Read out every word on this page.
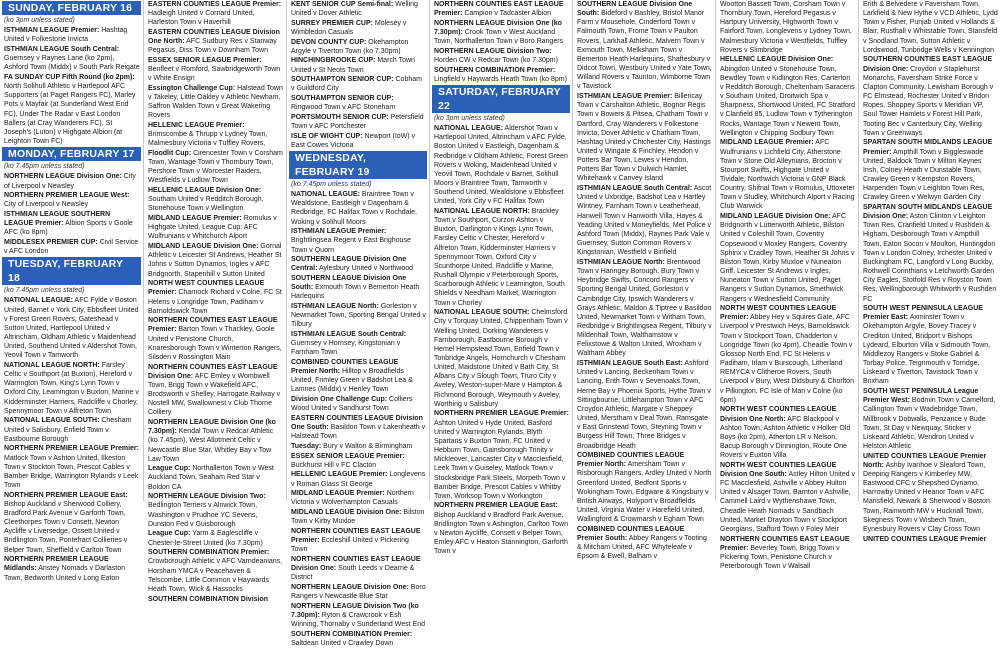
SUNDAY, FEBRUARY 16
(ko 3pm unless stated)
ISTHMIAN LEAGUE Premier: Hashtag United v Folkestone Invicta
ISTHMIAN LEAGUE South Central: Guernsey v Raynes Lane (ko 2pm), Ashford Town (Middx) v South Park Reigate
FA SUNDAY CUP Fifth Round (ko 2pm): North Solihull Athletic v Hartlepool AFC Supporters (at Paget Rangers FC), Marley Pots v Mayfair (at Sunderland West End FC), Under The Radar v East London Ballers (at Cray Wanderers FC), St Joseph's (Luton) v Highgate Albion (at Leighton Town FC)
MONDAY, FEBRUARY 17
(ko 7.45pm unless stated)
NORTHERN LEAGUE Division One: City of Liverpool v Newsley
NORTHERN PREMIER LEAGUE West: City of Liverpool v Newsley
ISTHMIAN LEAGUE SOUTHERN LEAGUE Premier: Albion Sports v Goole AFC (ko 8pm)
MIDDLESEX PREMIER CUP: Civil Service v AFC London
TUESDAY, FEBRUARY 18
(ko 7.45pm unless stated)
NATIONAL LEAGUE: AFC Fylde v Boston United, Barnet v York City, Ebbsfleet United v Forest Green Rovers, Gateshead v Sutton United, Hartlepool United v Altrincham, Oldham Athletic v Maidenhead United, Southend United v Aldershot Town, Yeovil Town v Tamworth
NATIONAL LEAGUE NORTH: Farsley Celtic v Southport (at Buxton), Hereford v Warrington Town, King's Lynn Town v Oxford City, Leamington v Buxton, Marine v Kidderminster Harriers, Radcliffe v Chorley, Spennymoor Town v Alfreton Town
NATIONAL LEAGUE SOUTH: Chesham United v Salisbury, Enfield Town v Eastbourne Borough
NORTHERN PREMIER LEAGUE Premier: Matlock Town v Ashton United, Ilkeston Town v Stockton Town, Prescot Cables v Bamber Bridge, Warrington Rylands v Leek Town
NORTHERN PREMIER LEAGUE East: Bishop Auckland v Sherwood Colliery, Bradford Park Avenue v Garforth Town, Cleethorpes Town v Consett, Newton Aycliffe v Liversedge, Ossett United v Bridlington Town, Pontefract Collieries v Belper Town, Sheffield v Carlton Town
NORTHERN PREMIER LEAGUE Midlands: Anstey Nomads v Darlaston Town, Bedworth United v Long Eaton
EASTERN COUNTIES LEAGUE Premier: Hadleigh United v Cornard United, Harleston Town v Haverhill
EASTERN COUNTIES LEAGUE Division One North: AFC Sudbury Res v Stanway Pegasus, Diss Town v Downham Town
ESSEX SENIOR LEAGUE Premier: Benfleet v Romford, Sawbridgeworth Town v White Ensign
Essington Challenge Cup: Halstead Town v Takeley, Little Oakley v Athletic Newham, Saffron Walden Town v Great Wakering Rovers
HELLENIC LEAGUE Premier: Brimscombe & Thrupp v Lydney Town, Malmesbury Victoria v Tuffley Rovers,
Floodlit Cup: Cirencester Town v Corsham Town, Wantage Town v Thornbury Town, Pershore Town v Worcester Raiders, Westfields v Ludlow Town
HELLENIC LEAGUE Division One: Southam United v Redditch Borough, Stonehouse Town v Wellington
MIDLAND LEAGUE Premier: Romulus v Highgate United, League Cup: AFC Wulfrunians v Whitchurch Alport
MIDLAND LEAGUE Division One: Gornal Athletic v Leicester St Andrews, Heather St Johns v Sutton Dynamos, Ingles v AFC Bridgnorth, Stapenhill v Sutton United
NORTH WEST COUNTIES LEAGUE Premier: Charnock Richard v Colne, FC St Helens v Longridge Town, Padiham v Barnoldswick Town
NORTHERN COUNTIES EAST LEAGUE Premier: Barton Town v Thackley, Goole United v Penistone Church, Knaresborough Town v Winterton Rangers, Silsden v Rossington Main
NORTHERN COUNTIES EAST LEAGUE Division One: AFC Emley v Wombwell Town, Brigg Town v Wakefield AFC, Brodsworth v Shelley, Harrogate Railway v Nostell MW, Swallownest v Club Thorne Colliery
NORTHERN LEAGUE Division One (ko 7.30pm): Kendal Town v Redcar Athletic (ko 7.45pm), West Allotment Celtic v Newcastle Blue Star, Whitley Bay v Tow Law Town
League Cup: Northallerton Town v West Auckland Town, Seaham Red Star v Boldon CA
NORTHERN LEAGUE Division Two: Bedlington Terriers v Alnwick Town, Washington v Prudhoe YC Sevens, Dunston Fed v Guisborough
League Cup: Yarm & Eaglescliffe v Chester-le-Street United (ko 7.30pm)
SOUTHERN COMBINATION Premier: Crowborough Athletic v AFC Varndeanians, Horsham YMCA v Peacehaven & Telscombe, Little Common v Haywards Heath Town, Wick & Hassocks
SOUTHERN COMBINATION Division
KENT SENIOR CUP Semi-final: Welling United v Dover Athletic
SURREY PREMIER CUP: Molesey v Wimbledon Casuals
DEVON COUNTY CUP: Okehampton Argyle v Tiverton Town (ko 7.30pm)
HINCHINGBROOKE CUP: March Town United v St Neots Town
SOUTHAMPTON SENIOR CUP: Cobham v Guildford City
SOUTHAMPTON SENIOR CUP: Ringwood Town v AFC Stoneham
PORTSMOUTH SENIOR CUP: Petersfield Town v AFC Portchester
ISLE OF WIGHT CUP: Newport (IoW) v East Cowes Victoria
WEDNESDAY, FEBRUARY 19
(ko 7.45pm unless stated)
NATIONAL LEAGUE: Braintree Town v Wealdstone, Eastleigh v Dagenham & Redbridge, FC Halifax Town v Rochdale, Woking v Solihull Moors
ISTHMIAN LEAGUE Premier: Brightlingsea Regent v East Brighouse Town v Quorn
SOUTHERN LEAGUE Division One Central: Aylesbury United v Northwood
SOUTHERN LEAGUE Division One South: Exmouth Town v Bemerton Heath Harlequins
ISTHMIAN LEAGUE North: Gorleston v Newmarket Town, Sporting Bengal United v Tilbury
ISTHMIAN LEAGUE South Central: Guernsey v Hornsey, Kingstonian v Farnham Town
COMBINED COUNTIES LEAGUE Premier North: Hilltop v Broadfields United, Frimley Green v Badshot Lea & Lamnes (Middx) v Henley Town
Division One Challenge Cup: Colliers Wood United v Sandhurst Town
EASTERN COUNTIES LEAGUE Division One South: Basildon Town v Lakenheath v Halstead Town
Tuesday: Bury v Walton & Birmingham
ESSEX SENIOR LEAGUE Premier: Buckhurst Hill v FC Clacton
HELLENIC LEAGUE Premier: Longlevens v Roman Glass St George
MIDLAND LEAGUE Premier: Northern Victoria v Wolverhampton Casuals
MIDLAND LEAGUE Division One: Bilston Town v Kirby Muxloe
NORTHERN COUNTIES EAST LEAGUE Premier: Eccleshill United v Pickering Town
NORTHERN COUNTIES EAST LEAGUE Division One: South Leeds v Dearne & District
NORTHERN LEAGUE Division One: Boro Rangers v Newcastle Blue Star
NORTHERN LEAGUE Division Two (ko 7.30pm): Ryton & Crawcrook v Esh Winning, Thornaby v Sunderland West End
SOUTHERN COMBINATION Premier: Saltdean United v Crawley Down
NORTHERN COUNTIES EAST LEAGUE Premier: Campion v Tadcaster Albion
NORTHERN LEAGUE Division One (ko 7.30pm): Crook Town v West Auckland Town, Northallerton Town v Boro Rangers
NORTHERN LEAGUE Division Two: Horden CW v Redcar Town (ko 7.30pm)
SOUTHERN COMBINATION Premier: Lingfield v Haywards Heath Town (ko 8pm)
SATURDAY, FEBRUARY 22
(ko 3pm unless stated)
NATIONAL LEAGUE: Aldershot Town v Hartlepool United, Altrincham v AFC Fylde, Boston United v Eastleigh, Dagenham & Redbridge v Oldham Athletic, Forest Green Rovers v Woking, Maidenhead United v Yeovil Town, Rochdale v Barnet, Solihull Moors v Braintree Town, Tamworth v Southend United, Wealdstone v Ebbsfleet United, York City v FC Halifax Town
NATIONAL LEAGUE NORTH: Brackley Town v Southport, Curzon Ashton v Buxton, Darlington v Kings Lynn Town, Farsley Celtic v Chester, Hereford v Alfreton Town, Kidderminster Harriers v Spennymoor Town, Oxford City v Scunthorpe United, Radcliffe v Marine, Rushall Olympic v Peterborough Sports, Scarborough Athletic v Leamington, South Shields v Needham Market, Warrington Town v Chorley
NATIONAL LEAGUE SOUTH: Chelmsford City v Torquay United, Chippenham Town v Welling United, Dorking Wanderers v Farnborough, Eastbourne Borough v Hemel Hempstead Town, Enfield Town v Tonbridge Angels, Hornchurch v Chesham United, Maidstone United v Bath City, St Albans City v Slough Town, Truro City v Aveley, Weston-super-Mare v Hampton & Richmond Borough, Weymouth v Aveley, Worthing v Salisbury
NORTHERN PREMIER LEAGUE Premier: Ashton United v Hyde United, Basford United v Warrington Rylands, Blyth Spartans v Buxton Town, FC United v Hebburn Town, Gainsborough Trinity v Mickleover, Lancaster City v Macclesfield, Leek Town v Guiseley, Matlock Town v Stocksbridge Park Steels, Morpeth Town v Bamber Bridge, Prescot Cables v Whitby Town, Worksop Town v Workington
NORTHERN PREMIER LEAGUE East: Bishop Auckland v Bradford Park Avenue, Bridlington Town v Ashington, Carlton Town v Newton Aycliffe, Consett v Belper Town, Emley AFC v Heaton Stannington, Garforth Town v
SOUTHERN LEAGUE Division One South: Bideford v Bashley, Bristol Manor Farm v Mousehole, Cinderford Town v Falmouth Town, Frome Town v Paulton Rovers, Larkhall Athletic, Malvern Town v Exmouth Town, Melksham Town v Bemerton Heath Harlequins, Shaftesbury v Didcot Town, Westbury United v Yate Town, Willand Rovers v Taunton, Wimborne Town v Tavistock
ISTHMIAN LEAGUE Premier: Billericay Town v Carshalton Athletic, Bognor Regis Town v Bowers & Pitsea, Chatham Town v Dartford, Cray Wanderers v Folkestone Invicta, Dover Athletic v Chatham Town, Hashtag United v Chichester City, Hastings United v Wingate & Finchley, Hendon v Potters Bar Town, Lewes v Hendon, Potters Bar Town v Dulwich Hamlet, Whitehawk v Canvey Island
ISTHMIAN LEAGUE South Central: Ascot United v Uxbridge, Badshot Lea v Hartley Wintney, Farnham Town v Leatherhead, Hanwell Town v Hanworth Villa, Hayes & Yeading United v Moneyfields, Met Police v Ashford Town (Middx), Raynes Park Vale v Guernsey, Sutton Common Rovers v Kingstonian, Westfield v Binfield
ISTHMIAN LEAGUE North: Brentwood Town v Haringey Borough, Bury Town v Heybridge Swifts, Concord Rangers v Sporting Bengal United, Gorleston v Cambridge City, Ipswich Wanderers v Grays Athletic, Maldon & Tiptree v Basildon United, Newmarket Town v Witham Town, Redbridge v Brightlingsea Regent, Tilbury v Mildenhall Town, Walthamstow v Felixstowe & Walton United, Wroxham v Waltham Abbey
ISTHMIAN LEAGUE South East: Ashford United v Lancing, Beckenham Town v Lancing, Erith Town v Sevenoaks Town, Herne Bay v Phoenix Sports, Hythe Town v Sittingbourne, Littlehampton Town v AFC Croydon Athletic, Margate v Sheppey United, Merstham v Deal Town, Ramsgate v East Grinstead Town, Steyning Town v Burgess Hill Town, Three Bridges v Broadbridge Heath
COMBINED COUNTIES LEAGUE Premier North: Amersham Town v Risborough Rangers, Ardley United v North Greenford United, Bedfont Sports v Wokingham Town, Edgware & Kingsbury v British Airways, Holyport v Broadfields United, Virginia Water v Harefield United, Wallingford & Crowmarsh v Egham Town
COMBINED COUNTIES LEAGUE Premier South: Abbey Rangers v Tooting & Mitcham United, AFC Whyteleafe v Epsom & Ewell, Balham v
Wootton Bassett Town, Corsham Town v Thornbury Town, Hereford Pegasus v Hartpury University, Highworth Town v Fairford Town, Longlevens v Lydney Town, Malmesbury Victoria v Westfields, Tuffley Rovers v Slimbridge
HELLENIC LEAGUE Division One: Abingdon United v Stonehouse Town, Bewdley Town v Kidlington Res, Carterton v Redditch Borough, Cheltenham Saracens v Southam United, Droitwich Spa v Sharpness, Shortwood United, FC Stratford v Clanfield 85, Ludlow Town v Tytherington Rocks, Wantage Town v Newent Town, Wellington v Chipping Sodbury Town
MIDLAND LEAGUE Premier: AFC Wulfrunians v Lichfield City, Atherstone Town v Stone Old Alleynians, Brocton v Stourport Swifts, Highgate United v Tividale, Northwich Victoria v GNP Black Country, Shifnal Town v Romulus, Uttoxeter Town v Studley, Whitchurch Alport v Racing Club Warwick
MIDLAND LEAGUE Division One: AFC Bridgnorth v Lutterworth Athletic, Bilston United v Coleshill Town, Coventry Copsewood v Moxley Rangers, Coventry Sphinx v Cradley Town, Heather St Johns v Bilston Town, Kirby Muxloe v Nuneaton Griff, Leicester St Andrews v Ingles, Nuneaton Town v Sutton United, Paget Rangers v Sutton Dynamos, Smethwick Rangers v Wednesfield Community
NORTH WEST COUNTIES LEAGUE Premier: Abbey Hey v Squires Gate, AFC Liverpool v Prestwich Heys, Barnoldswick Town v Stockport Town, Chadderton v Longridge Town (ko 4pm), Cheadle Town v Glossop North End, FC St Helens v Padiham, Irlam v Burscough, Litherland REMYCA v Clitheroe Rovers, South Liverpool v Bury, West Didsbury & Chorlton v Pilkington, FC Isle of Man v Colne (ko 6pm)
NORTH WEST COUNTIES LEAGUE Division One North: AFC Blackpool v Ashton Town, Ashton Athletic v Holker Old Boys (ko 2pm), Atherton LR v Nelson, Bacup Borough v Dinnington, Route One Rovers v Euxton Villa
NORTH WEST COUNTIES LEAGUE Division One South: Astley Hilton United v FC Macclesfield, Ashville v Abbey Hulton United v Alsager Town, Barnton v Ashville, Cammell Laird v Wythenshawe Town, Cheadle Heath Nomads v Sandbach United, Market Drayton Town v Stockport Georgians, Stafford Town v Foley Meir
NORTHERN COUNTIES EAST LEAGUE Premier: Beverley Town, Brigg Town v Pickering Town, Penistone Church v Peterborough Town v Walsall
Erith & Belvedere v Faversham Town, Larkfield & New Hythe v VCD Athletic, Lydd Town v Fisher, Punjab United v Hollands & Blair, Rusthall v Whitstable Town, Stansfeld v Snodland Town, Sutton Athletic v Lordswood, Tunbridge Wells v Kennington
SOUTHERN COUNTIES EAST LEAGUE Division One: Croydon v Staplehurst Monarchs, Faversham Strike Force v Clapton Community, Lewisham Borough v FC Elmstead, Rochester United v Bridon Ropes, Shoppey Sports v Meridian VP, Soul Tower Hamlets v Forest Hill Park, Tooting Bec v Canterbury City, Welling Town v Greenways
SPARTAN SOUTH MIDLANDS LEAGUE Premier: Ampthill Town v Biggleswade United, Baldock Town v Milton Keynes Irish, Colney Heath v Dunstable Town, Crawley Green v Kempston Rovers, Harpenden Town v Leighton Town Res, Crawley Green v Welwyn Garden City
SPARTAN SOUTH MIDLANDS LEAGUE Division One: Aston Clinton v Leighton Town Res, Cranfield United v Rushden & Higham, Desborough Town v Ampthill Town, Eaton Socon v Moulton, Huntingdon Town v London Colney, Irchester United v Buckingham FC, Langford v Long Buckby, Rothwell Corinthians v Letchworth Garden City Eagles, Stotfold Res v Royston Town Res, Wellingborough Whitworth v Rushden FC
SOUTH WEST PENINSULA LEAGUE Premier East: Axminster Town v Okehampton Argyle, Bovey Tracey v Crediton United, Bridport v Bishops Lydeard, Elburton Villa v Sidmouth Town, Middlezoy Rangers v Stoke Gabriel & Torbay Police, Teignmouth v Torridge, Liskeard v Tiverton, Tavistock Town v Brixham
SOUTH WEST PENINSULA League Premier West: Bodmin Town v Camelford, Callington Town v Wadebridge Town, Millbrook v Dobwalls, Penzance v Bude Town, St Day v Newquay, Sticker v Liskeard Athletic, Wendron United v Helston Athletic
UNITED COUNTIES LEAGUE Premier North: Ashby Ivanhoe v Sleaford Town, Deeping Rangers v Kimberley MW, Eastwood CFC v Shepshed Dynamo, Harrowby United v Heanor Town v AFC Mansfield, Newark & Sherwood v Boston Town, Rainworth MW v Hucknall Town, Skegness Town v Wisbech Town, Eynesbury Rovers v Clay Cross Town
UNITED COUNTIES LEAGUE Premier
